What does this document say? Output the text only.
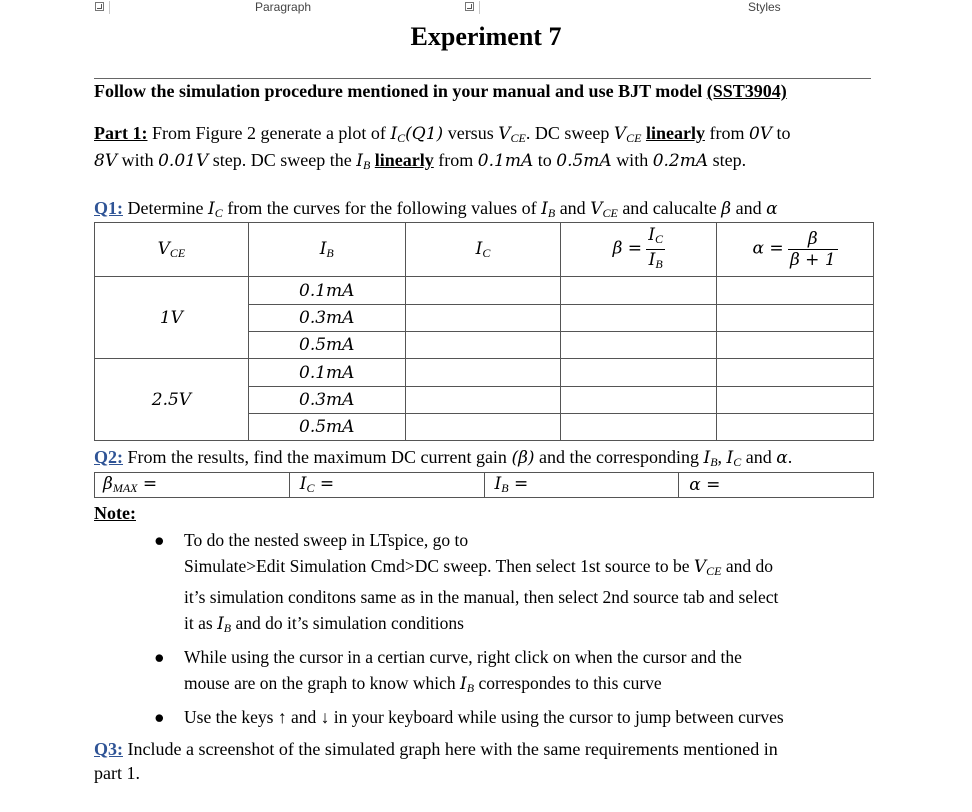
Paragraph	Styles
Experiment 7
Follow the simulation procedure mentioned in your manual and use BJT model (SST3904)
Part 1: From Figure 2 generate a plot of $I_C(Q1)$ versus $V_{CE}$. DC sweep $V_{CE}$ linearly from 0V to
8V with 0.01V step. DC sweep the $I_B$ linearly from 0.1mA to 0.5mA with 0.2mA step.
Q1: Determine $I_C$ from the curves for the following values of $I_B$ and $V_{CE}$ and calucalte β and α
$V_{CE}$	$I_B$	$I_C$	$\beta = \frac{I_C}{I_B}$	$\alpha = \frac{\beta}{\beta + 1}$

1V	0.1mA			
	0.3mA			
	0.5mA			
2.5V	0.1mA			
	0.3mA			
	0.5mA			
Q2: From the results, find the maximum DC current gain (β) and the corresponding $I_B$, $I_C$ and α.
$\beta_{MAX}$ =	$I_C$ =	$I_B$ =	α =
Note:
● To do the nested sweep in LTspice, go to
Simulate>Edit Simulation Cmd>DC sweep. Then select 1st source to be $V_{CE}$ and do
it’s simulation conditons same as in the manual, then select 2nd source tab and select
it as $I_B$ and do it’s simulation conditions
● While using the cursor in a certian curve, right click on when the cursor and the
mouse are on the graph to know which $I_B$ correspondes to this curve
● Use the keys ↑ and ↓ in your keyboard while using the cursor to jump between curves
Q3: Include a screenshot of the simulated graph here with the same requirements mentioned in
part 1.
